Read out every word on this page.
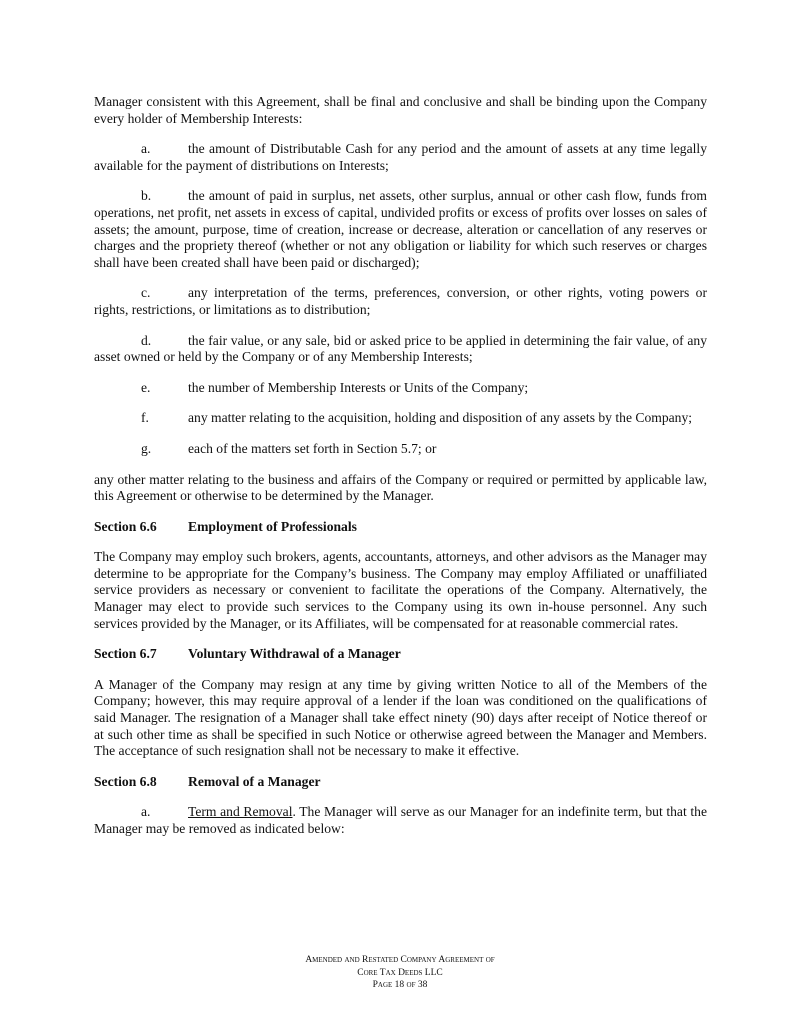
Manager consistent with this Agreement, shall be final and conclusive and shall be binding upon the Company every holder of Membership Interests:

a.	the amount of Distributable Cash for any period and the amount of assets at any time legally available for the payment of distributions on Interests;

b.	the amount of paid in surplus, net assets, other surplus, annual or other cash flow, funds from operations, net profit, net assets in excess of capital, undivided profits or excess of profits over losses on sales of assets; the amount, purpose, time of creation, increase or decrease, alteration or cancellation of any reserves or charges and the propriety thereof (whether or not any obligation or liability for which such reserves or charges shall have been created shall have been paid or discharged);

c.	any interpretation of the terms, preferences, conversion, or other rights, voting powers or rights, restrictions, or limitations as to distribution;

d.	the fair value, or any sale, bid or asked price to be applied in determining the fair value, of any asset owned or held by the Company or of any Membership Interests;

e.	the number of Membership Interests or Units of the Company;

f.	any matter relating to the acquisition, holding and disposition of any assets by the Company;

g.	each of the matters set forth in Section 5.7; or

any other matter relating to the business and affairs of the Company or required or permitted by applicable law, this Agreement or otherwise to be determined by the Manager.

Section 6.6 Employment of Professionals

The Company may employ such brokers, agents, accountants, attorneys, and other advisors as the Manager may determine to be appropriate for the Company’s business. The Company may employ Affiliated or unaffiliated service providers as necessary or convenient to facilitate the operations of the Company. Alternatively, the Manager may elect to provide such services to the Company using its own in-house personnel. Any such services provided by the Manager, or its Affiliates, will be compensated for at reasonable commercial rates.

Section 6.7 Voluntary Withdrawal of a Manager

A Manager of the Company may resign at any time by giving written Notice to all of the Members of the Company; however, this may require approval of a lender if the loan was conditioned on the qualifications of said Manager. The resignation of a Manager shall take effect ninety (90) days after receipt of Notice thereof or at such other time as shall be specified in such Notice or otherwise agreed between the Manager and Members. The acceptance of such resignation shall not be necessary to make it effective.

Section 6.8 Removal of a Manager

a.	Term and Removal. The Manager will serve as our Manager for an indefinite term, but that the Manager may be removed as indicated below:

Amended and Restated Company Agreement of
Core Tax Deeds LLC
Page 18 of 38
